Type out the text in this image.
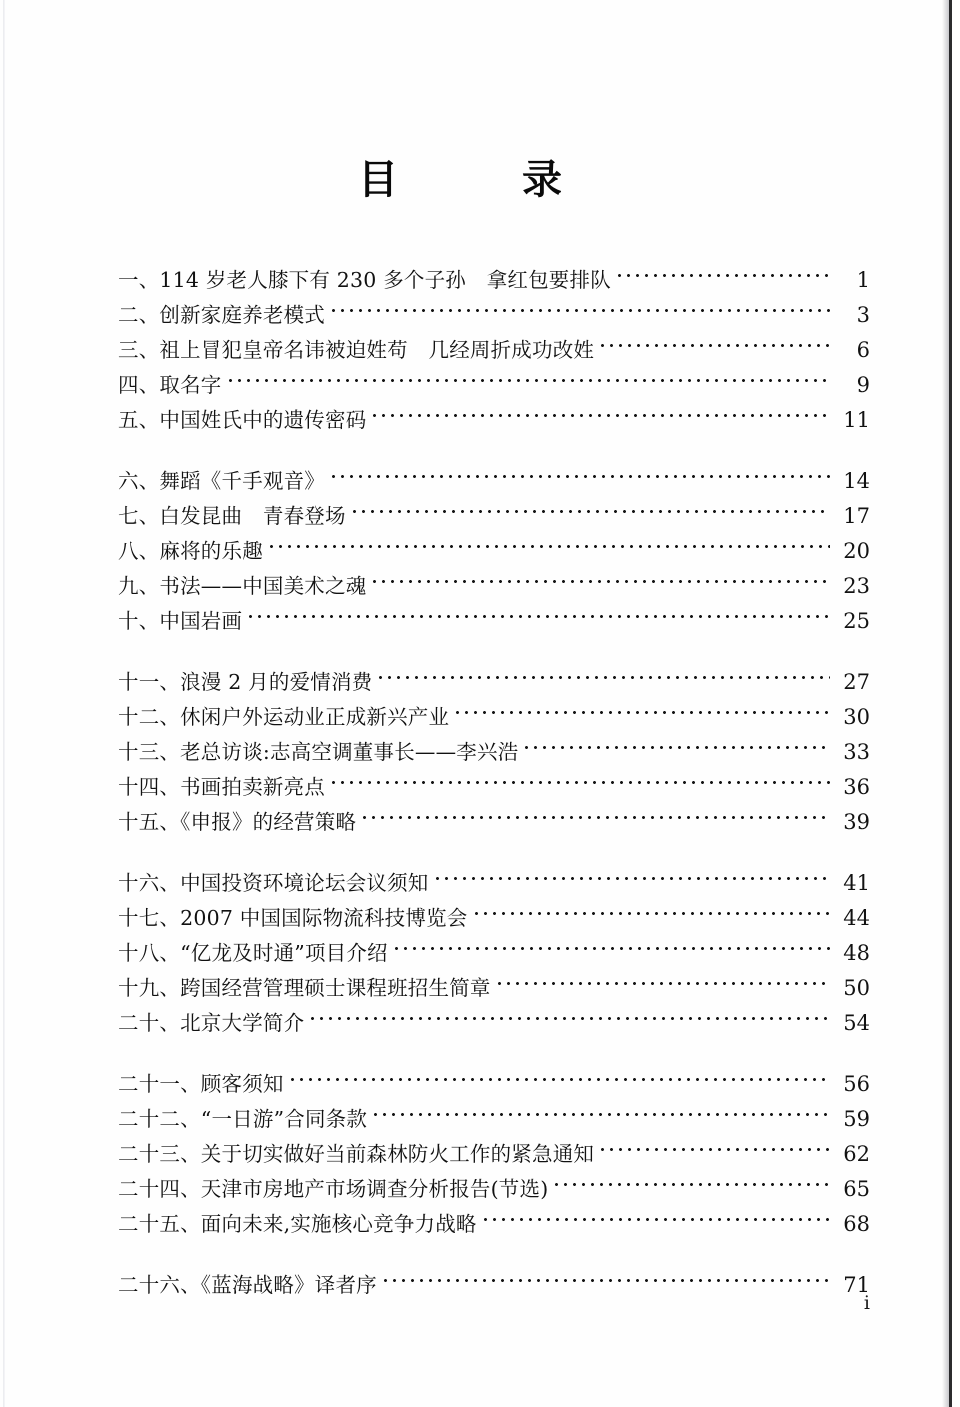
目　录
一、114 岁老人膝下有 230 多个子孙　拿红包要排队	1
二、创新家庭养老模式	3
三、祖上冒犯皇帝名讳被迫姓苟　几经周折成功改姓	6
四、取名字	9
五、中国姓氏中的遗传密码	11
六、舞蹈《千手观音》	14
七、白发昆曲　青春登场	17
八、麻将的乐趣	20
九、书法——中国美术之魂	23
十、中国岩画	25
十一、浪漫 2 月的爱情消费	27
十二、休闲户外运动业正成新兴产业	30
十三、老总访谈:志高空调董事长——李兴浩	33
十四、书画拍卖新亮点	36
十五、《申报》的经营策略	39
十六、中国投资环境论坛会议须知	41
十七、2007 中国国际物流科技博览会	44
十八、“亿龙及时通”项目介绍	48
十九、跨国经营管理硕士课程班招生简章	50
二十、北京大学简介	54
二十一、顾客须知	56
二十二、“一日游”合同条款	59
二十三、关于切实做好当前森林防火工作的紧急通知	62
二十四、天津市房地产市场调查分析报告(节选)	65
二十五、面向未来,实施核心竞争力战略	68
二十六、《蓝海战略》译者序	71
i
